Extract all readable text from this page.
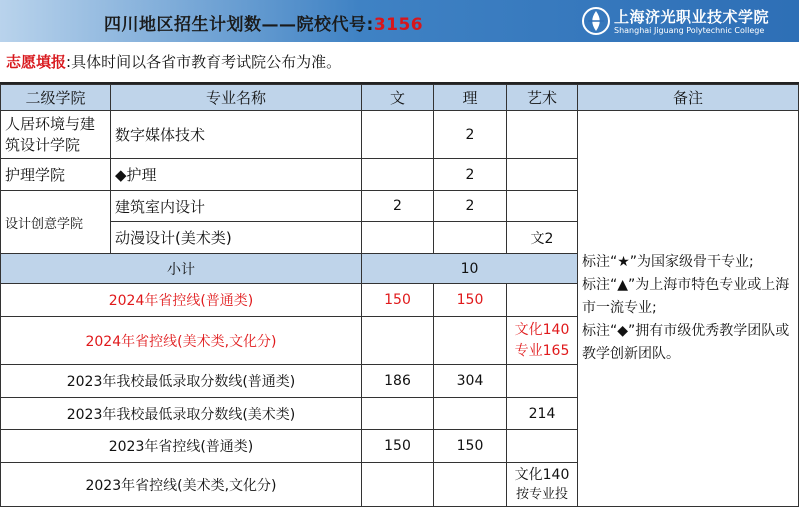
四川地区招生计划数——院校代号:3156	上海济光职业技术学院
Shanghai Jiguang Polytechnic College
志愿填报:具体时间以各省市教育考试院公布为准。
二级学院	专业名称	文	理	艺术	备注
人居环境与建筑设计学院	数字媒体技术		2		标注“★”为国家级骨干专业;
标注“▲”为上海市特色专业或上海市一流专业;
标注“◆”拥有市级优秀教学团队或教学创新团队。

护理学院	◆护理		2		
设计创意学院	建筑室内设计	2	2		
	动漫设计(美术类)			文2	
小计		10			
2024年省控线(普通类)		150	150		
2024年省控线(美术类,文化分)				文化140
专业165	

2023年我校最低录取分数线(普通类)		186	304		
2023年我校最低录取分数线(美术类)				214	
2023年省控线(普通类)		150	150		
2023年省控线(美术类,文化分)				文化140
按专业投	
